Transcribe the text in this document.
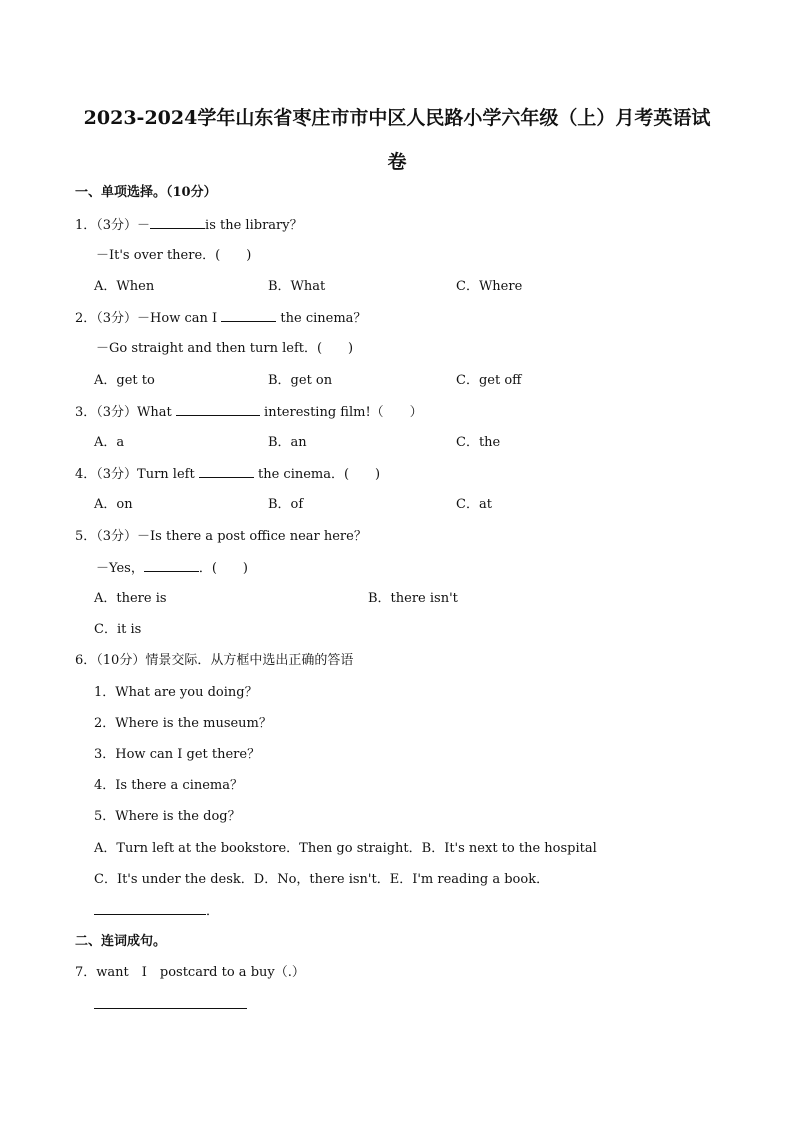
2023-2024学年山东省枣庄市市中区人民路小学六年级（上）月考英语试
卷
一、单项选择。（10分）
1．（3分）－	is the library？
－It's over there．(　　)
A．When	B．What	C．Where
2．（3分）－How can I	the cinema？
－Go straight and then turn left．(　　)
A．get to	B．get on	C．get off
3．（3分）What	interesting film!（　　）
A．a	B．an	C．the
4．（3分）Turn left	the cinema．(　　)
A．on	B．of	C．at
5．（3分）－Is there a post office near here？
－Yes，	．(　　)
A．there is	B．there isn't
C．it is
6．（10分）情景交际．从方框中选出正确的答语
1．What are you doing？
2．Where is the museum？
3．How can I get there？
4．Is there a cinema？
5．Where is the dog？
A．Turn left at the bookstore．Then go straight．B．It's next to the hospital
C．It's under the desk．D．No，there isn't．E．I'm reading a book．
．
二、连词成句。
7．want　I　postcard to a buy（.）
